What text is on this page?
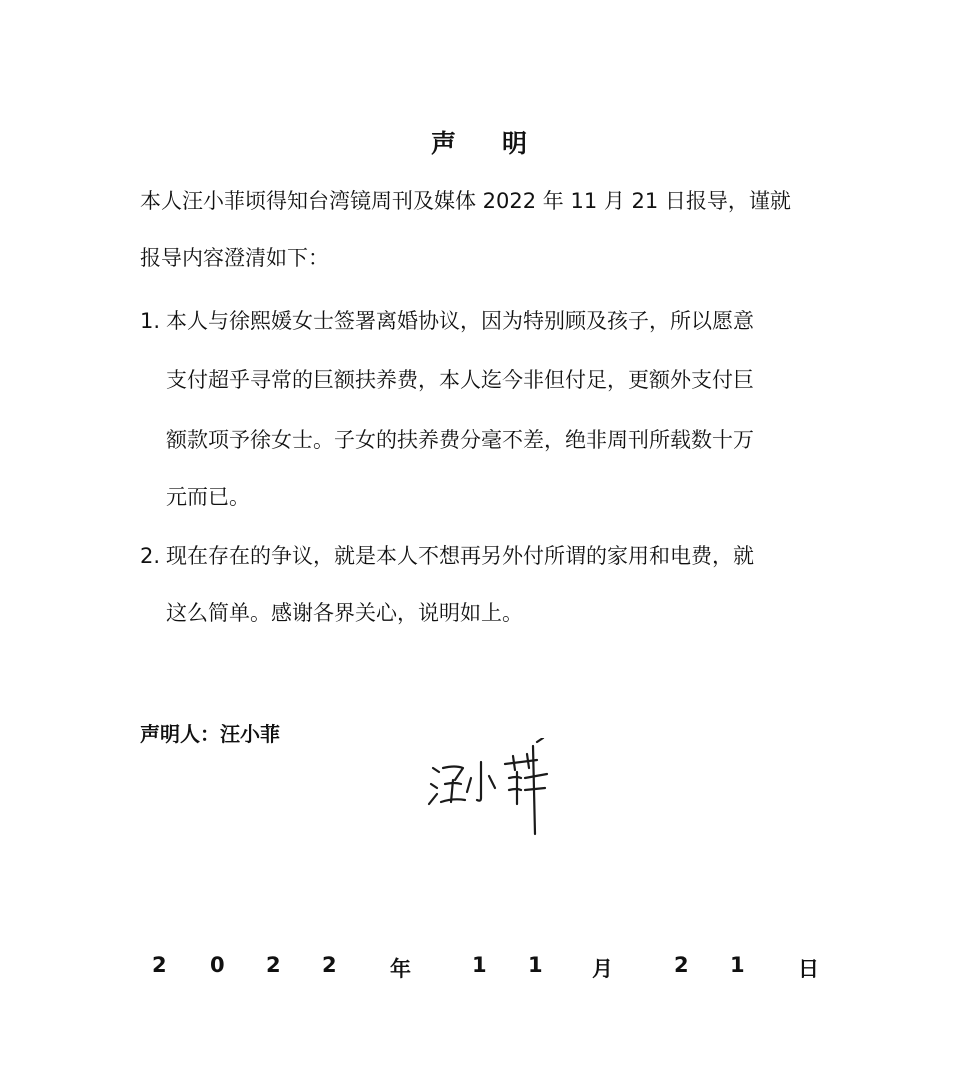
声 明
本人汪小菲顷得知台湾镜周刊及媒体 2022 年 11 月 21 日报导，谨就
报导内容澄清如下：
1. 本人与徐熙媛女士签署离婚协议，因为特别顾及孩子，所以愿意
支付超乎寻常的巨额扶养费，本人迄今非但付足，更额外支付巨
额款项予徐女士。子女的扶养费分毫不差，绝非周刊所载数十万
元而已。
2. 现在存在的争议，就是本人不想再另外付所谓的家用和电费，就
这么简单。感谢各界关心，说明如上。
声明人：汪小菲
2 0 2 2	年	1 1 月	2 1	日
